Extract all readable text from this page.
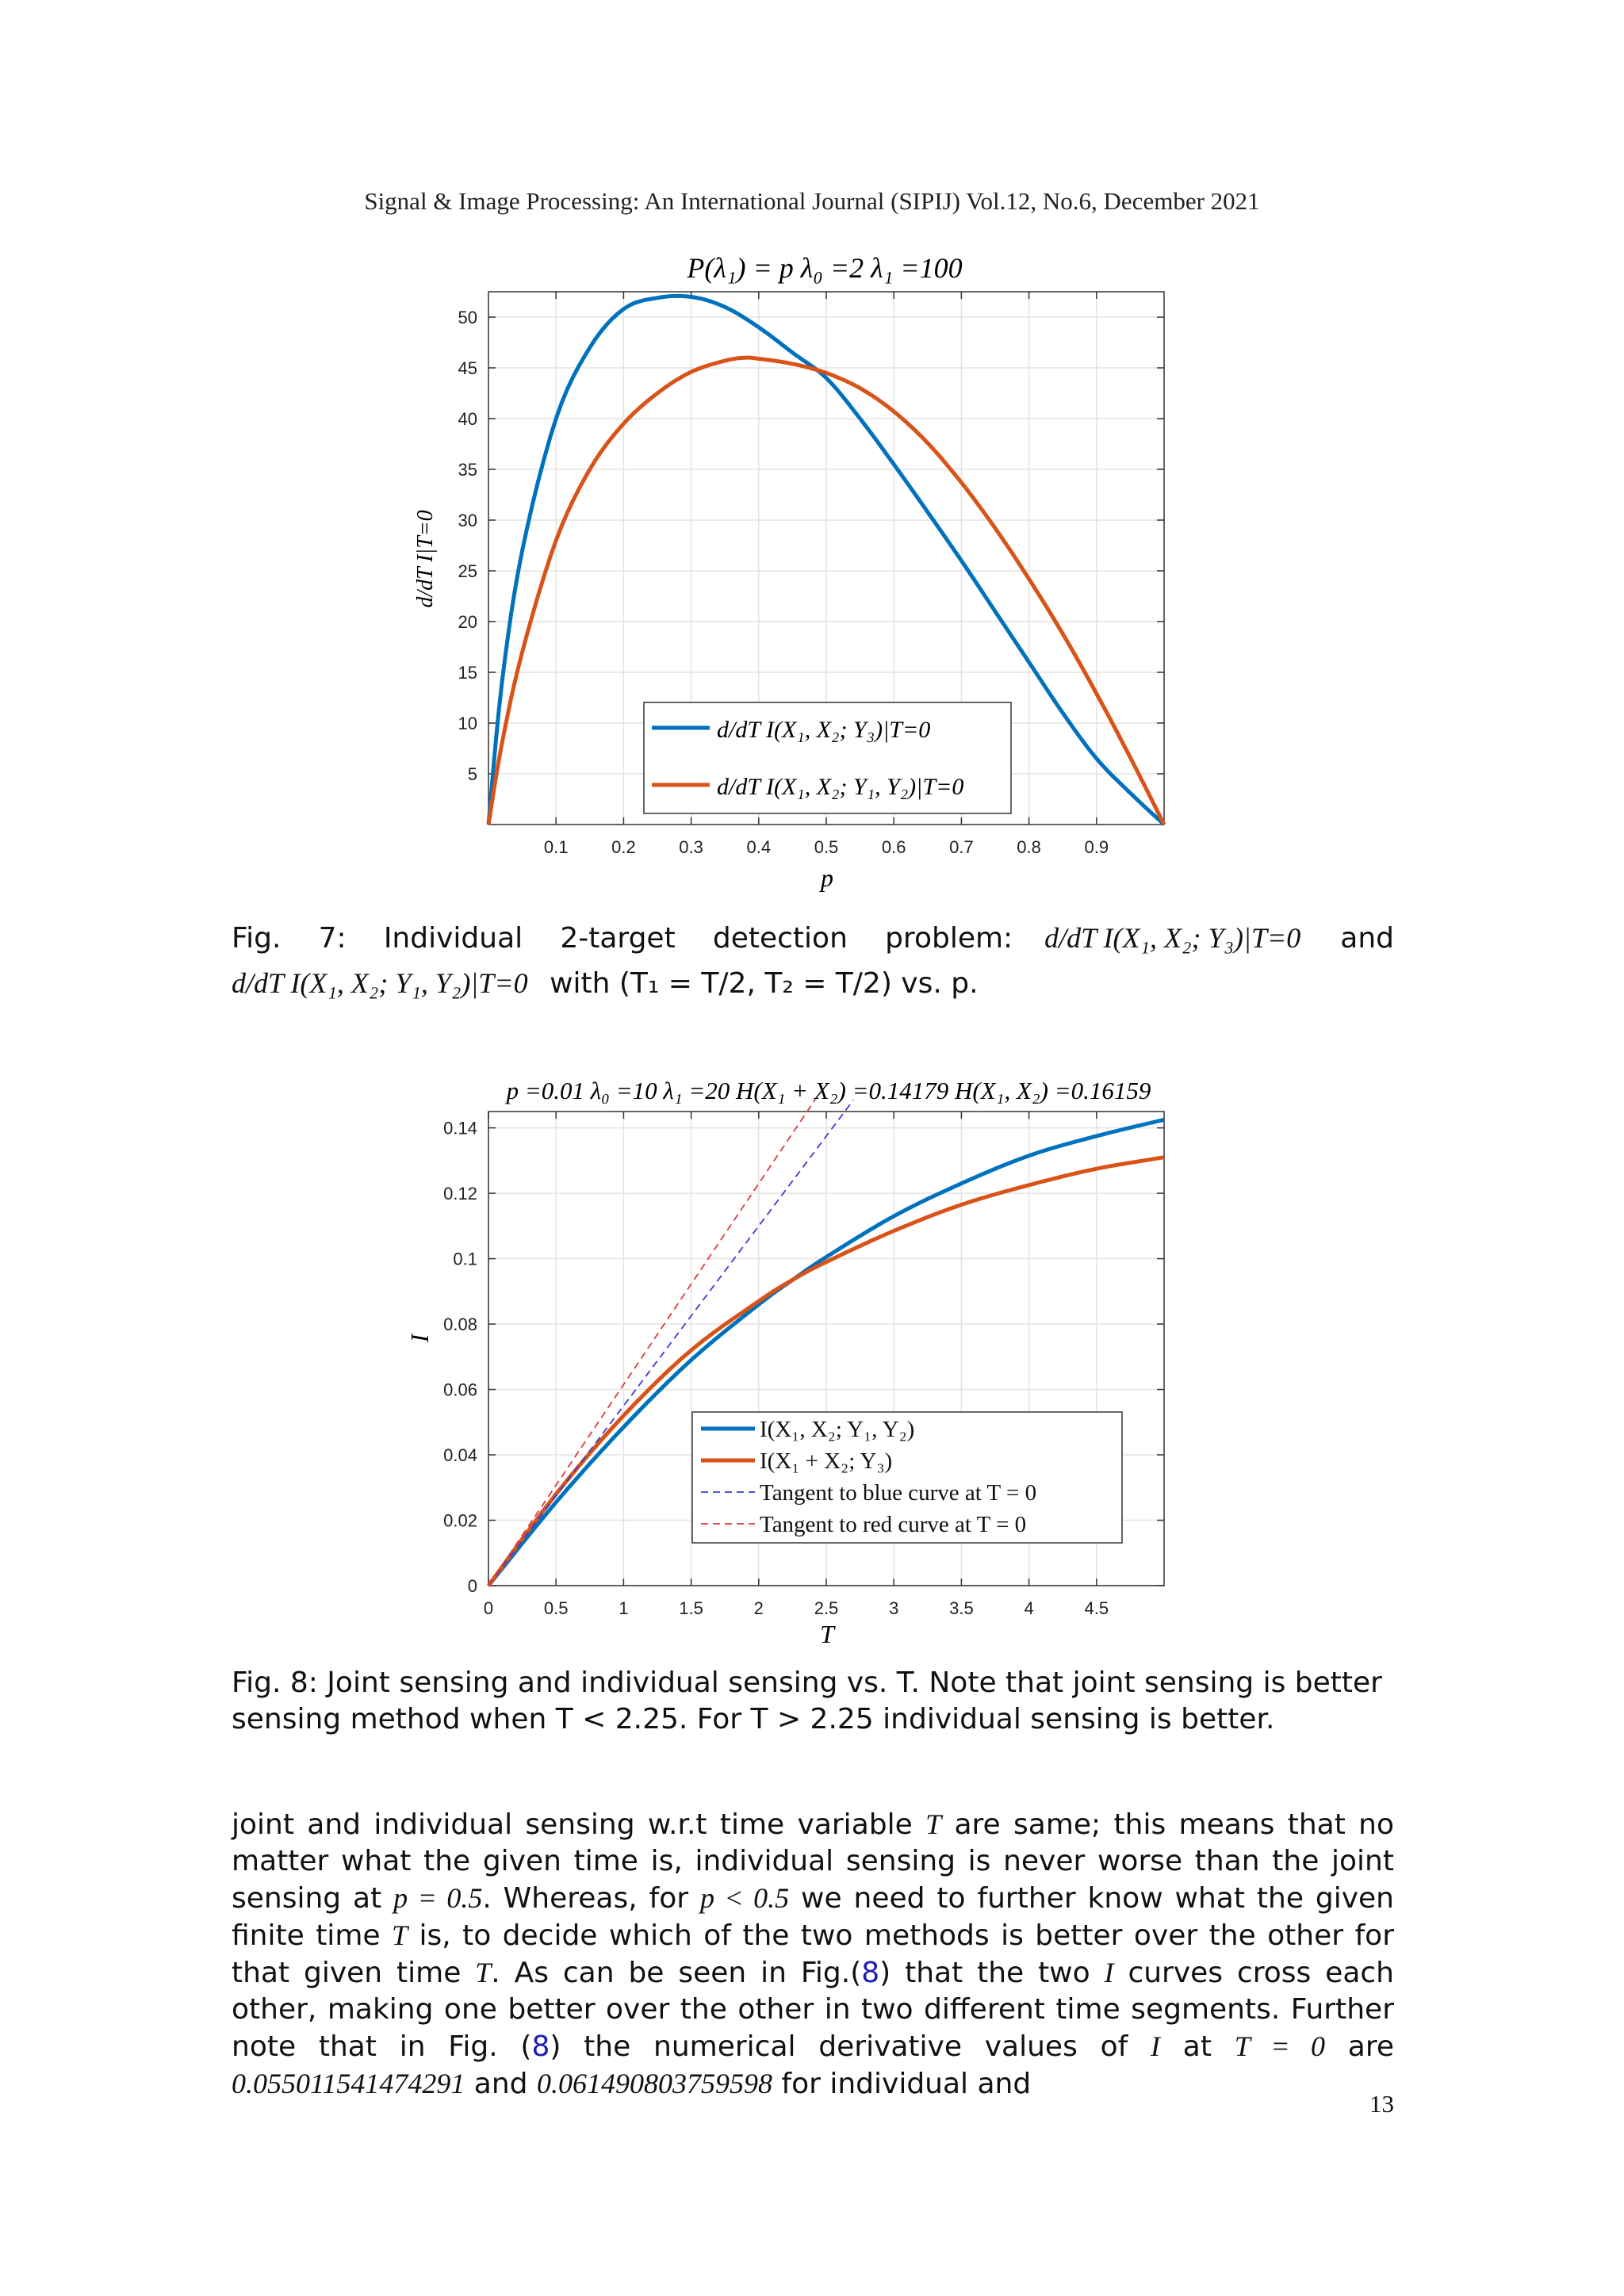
Signal & Image Processing: An International Journal (SIPIJ) Vol.12, No.6, December 2021
P(λ₁) = p λ₀ =2 λ₁ =100
0.1 0.2 0.3 0.4 0.5 0.6 0.7 0.8 0.9
5
10
15
20
25
30
35
40
45
50
p
d/dT I|T=0
d/dT I(X₁, X₂; Y₃)|T=0
d/dT I(X₁, X₂; Y₁, Y₂)|T=0
Fig. 7: Individual 2-target detection problem: d/dT I(X₁, X₂; Y₃)|T=0 and
d/dT I(X₁, X₂; Y₁, Y₂)|T=0 with (T₁ = T/2, T₂ = T/2) vs. p.
p =0.01 λ₀ =10 λ₁ =20 H(X₁ + X₂) =0.14179 H(X₁, X₂) =0.16159
0	0.5	1	1.5	2	2.5	3	3.5	4	4.5
0
0.02
0.04
0.06
0.08
0.1
0.12
0.14
T
I
I(X₁, X₂; Y₁, Y₂)
I(X₁ + X₂; Y₃)
Tangent to blue curve at T = 0
Tangent to red curve at T = 0
Fig. 8: Joint sensing and individual sensing vs. T. Note that joint sensing is better sensing method when T < 2.25. For T > 2.25 individual sensing is better.

joint and individual sensing w.r.t time variable T are same; this means that no matter what the given time is, individual sensing is never worse than the joint sensing at p = 0.5. Whereas, for p < 0.5 we need to further know what the given finite time T is, to decide which of the two methods is better over the other for that given time T. As can be seen in Fig.(8) that the two I curves cross each other, making one better over the other in two different time segments. Further note that in Fig. (8) the numerical derivative values of I at T = 0 are 0.055011541474291 and 0.061490803759598 for individual and

13
